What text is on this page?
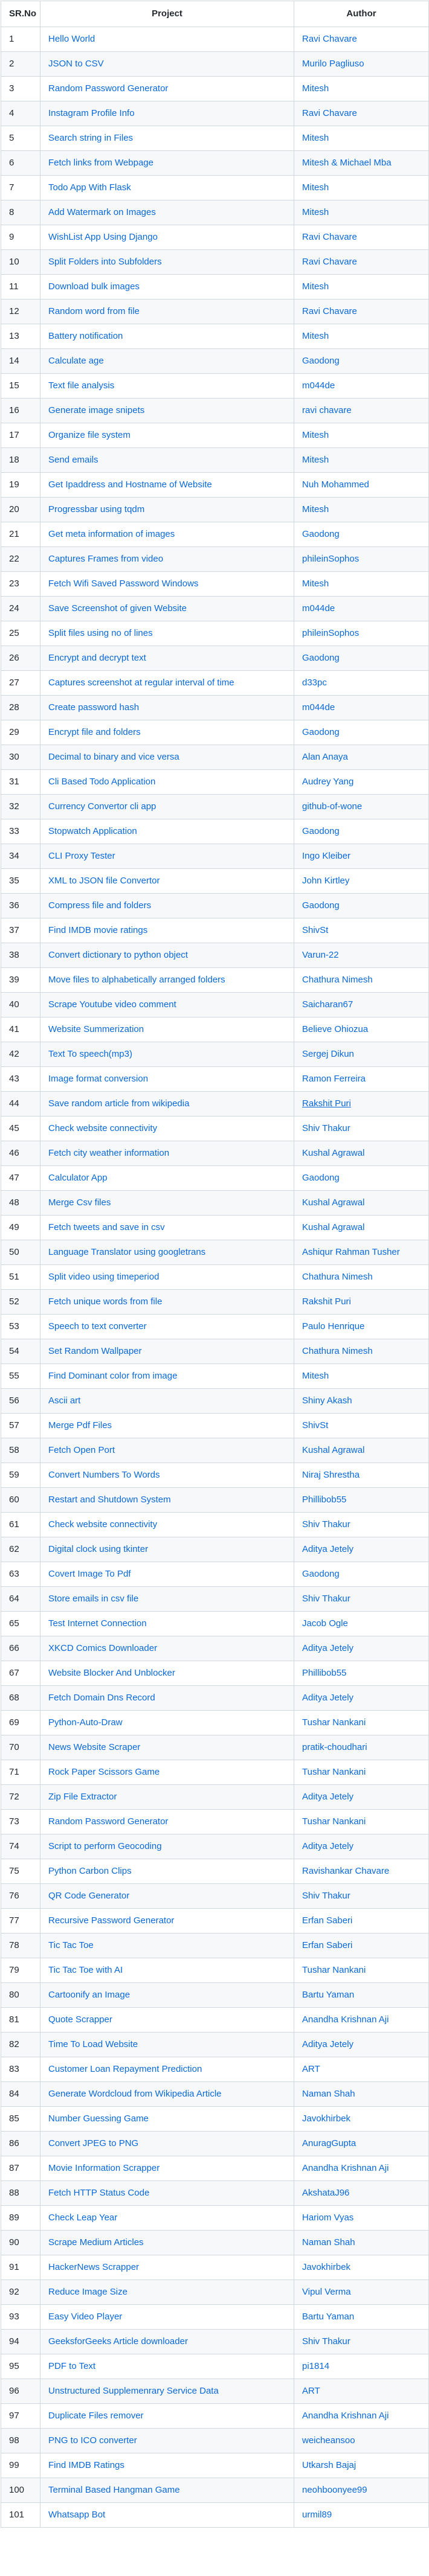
SR.No	Project	Author
1	Hello World	Ravi Chavare
2	JSON to CSV	Murilo Pagliuso
3	Random Password Generator	Mitesh
4	Instagram Profile Info	Ravi Chavare
5	Search string in Files	Mitesh
6	Fetch links from Webpage	Mitesh & Michael Mba
7	Todo App With Flask	Mitesh
8	Add Watermark on Images	Mitesh
9	WishList App Using Django	Ravi Chavare
10	Split Folders into Subfolders	Ravi Chavare
11	Download bulk images	Mitesh
12	Random word from file	Ravi Chavare
13	Battery notification	Mitesh
14	Calculate age	Gaodong
15	Text file analysis	m044de
16	Generate image snipets	ravi chavare
17	Organize file system	Mitesh
18	Send emails	Mitesh
19	Get Ipaddress and Hostname of Website	Nuh Mohammed
20	Progressbar using tqdm	Mitesh
21	Get meta information of images	Gaodong
22	Captures Frames from video	phileinSophos
23	Fetch Wifi Saved Password Windows	Mitesh
24	Save Screenshot of given Website	m044de
25	Split files using no of lines	phileinSophos
26	Encrypt and decrypt text	Gaodong
27	Captures screenshot at regular interval of time	d33pc
28	Create password hash	m044de
29	Encrypt file and folders	Gaodong
30	Decimal to binary and vice versa	Alan Anaya
31	Cli Based Todo Application	Audrey Yang
32	Currency Convertor cli app	github-of-wone
33	Stopwatch Application	Gaodong
34	CLI Proxy Tester	Ingo Kleiber
35	XML to JSON file Convertor	John Kirtley
36	Compress file and folders	Gaodong
37	Find IMDB movie ratings	ShivSt
38	Convert dictionary to python object	Varun-22
39	Move files to alphabetically arranged folders	Chathura Nimesh
40	Scrape Youtube video comment	Saicharan67
41	Website Summerization	Believe Ohiozua
42	Text To speech(mp3)	Sergej Dikun
43	Image format conversion	Ramon Ferreira
44	Save random article from wikipedia	Rakshit Puri
45	Check website connectivity	Shiv Thakur
46	Fetch city weather information	Kushal Agrawal
47	Calculator App	Gaodong
48	Merge Csv files	Kushal Agrawal
49	Fetch tweets and save in csv	Kushal Agrawal
50	Language Translator using googletrans	Ashiqur Rahman Tusher
51	Split video using timeperiod	Chathura Nimesh
52	Fetch unique words from file	Rakshit Puri
53	Speech to text converter	Paulo Henrique
54	Set Random Wallpaper	Chathura Nimesh
55	Find Dominant color from image	Mitesh
56	Ascii art	Shiny Akash
57	Merge Pdf Files	ShivSt
58	Fetch Open Port	Kushal Agrawal
59	Convert Numbers To Words	Niraj Shrestha
60	Restart and Shutdown System	Phillibob55
61	Check website connectivity	Shiv Thakur
62	Digital clock using tkinter	Aditya Jetely
63	Covert Image To Pdf	Gaodong
64	Store emails in csv file	Shiv Thakur
65	Test Internet Connection	Jacob Ogle
66	XKCD Comics Downloader	Aditya Jetely
67	Website Blocker And Unblocker	Phillibob55
68	Fetch Domain Dns Record	Aditya Jetely
69	Python-Auto-Draw	Tushar Nankani
70	News Website Scraper	pratik-choudhari
71	Rock Paper Scissors Game	Tushar Nankani
72	Zip File Extractor	Aditya Jetely
73	Random Password Generator	Tushar Nankani
74	Script to perform Geocoding	Aditya Jetely
75	Python Carbon Clips	Ravishankar Chavare
76	QR Code Generator	Shiv Thakur
77	Recursive Password Generator	Erfan Saberi
78	Tic Tac Toe	Erfan Saberi
79	Tic Tac Toe with AI	Tushar Nankani
80	Cartoonify an Image	Bartu Yaman
81	Quote Scrapper	Anandha Krishnan Aji
82	Time To Load Website	Aditya Jetely
83	Customer Loan Repayment Prediction	ART
84	Generate Wordcloud from Wikipedia Article	Naman Shah
85	Number Guessing Game	Javokhirbek
86	Convert JPEG to PNG	AnuragGupta
87	Movie Information Scrapper	Anandha Krishnan Aji
88	Fetch HTTP Status Code	AkshataJ96
89	Check Leap Year	Hariom Vyas
90	Scrape Medium Articles	Naman Shah
91	HackerNews Scrapper	Javokhirbek
92	Reduce Image Size	Vipul Verma
93	Easy Video Player	Bartu Yaman
94	GeeksforGeeks Article downloader	Shiv Thakur
95	PDF to Text	pi1814
96	Unstructured Supplemenrary Service Data	ART
97	Duplicate Files remover	Anandha Krishnan Aji
98	PNG to ICO converter	weicheansoo
99	Find IMDB Ratings	Utkarsh Bajaj
100	Terminal Based Hangman Game	neohboonyee99
101	Whatsapp Bot	urmil89
